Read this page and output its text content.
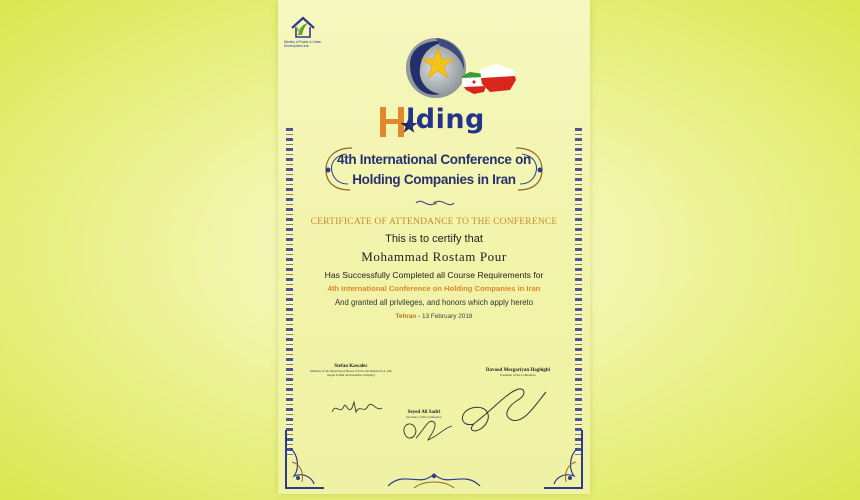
Ministry of Roads & Urban Development Iran
lding
4th International Conference on
Holding Companies in Iran
CERTIFICATE OF ATTENDANCE TO THE CONFERENCE
This is to certify that
Mohammad Rostam Pour
Has Successfully Completed all Course Requirements for
4th International Conference on Holding Companies in Iran
And granted all privileges, and honors which apply hereto
Tehran - 13 February 2018
Stefan Kawalec
Member of the Supervisory Board of Ecbo Investment S.A. (the largest Polish development company)
Davood Mezgariyan Haghighi
President of the Conference
Seyed Ali Sadri
Secretary of the Conference
